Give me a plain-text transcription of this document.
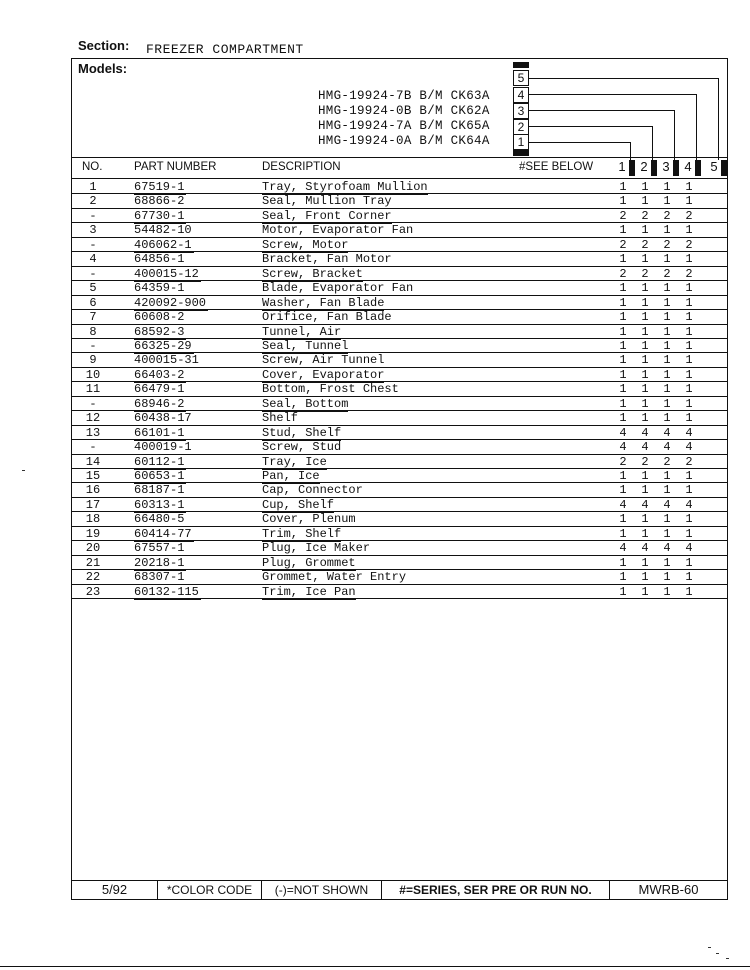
Section: FREEZER COMPARTMENT
Models:
HMG-19924-7B B/M CK63A
HMG-19924-0B B/M CK62A
HMG-19924-7A B/M CK65A
HMG-19924-0A B/M CK64A
5
4
3
2
1
NO.	PART NUMBER	DESCRIPTION	#SEE BELOW 1 2 3 4 5
1	67519-1	Tray, Styrofoam Mullion	1 1 1 1
2	68866-2	Seal, Mullion Tray	1 1 1 1
-	67730-1	Seal, Front Corner	2 2 2 2
3	54482-10	Motor, Evaporator Fan	1 1 1 1
-	406062-1	Screw, Motor	2 2 2 2
4	64856-1	Bracket, Fan Motor	1 1 1 1
-	400015-12	Screw, Bracket	2 2 2 2
5	64359-1	Blade, Evaporator Fan	1 1 1 1
6	420092-900	Washer, Fan Blade	1 1 1 1
7	60608-2	Orifice, Fan Blade	1 1 1 1
8	68592-3	Tunnel, Air	1 1 1 1
-	66325-29	Seal, Tunnel	1 1 1 1
9	400015-31	Screw, Air Tunnel	1 1 1 1
10	66403-2	Cover, Evaporator	1 1 1 1
11	66479-1	Bottom, Frost Chest	1 1 1 1
-	68946-2	Seal, Bottom	1 1 1 1
12	60438-17	Shelf	1 1 1 1
13	66101-1	Stud, Shelf	4 4 4 4
-	400019-1	Screw, Stud	4 4 4 4
14	60112-1	Tray, Ice	2 2 2 2
15	60653-1	Pan, Ice	1 1 1 1
16	68187-1	Cap, Connector	1 1 1 1
17	60313-1	Cup, Shelf	4 4 4 4
18	66480-5	Cover, Plenum	1 1 1 1
19	60414-77	Trim, Shelf	1 1 1 1
20	67557-1	Plug, Ice Maker	4 4 4 4
21	20218-1	Plug, Grommet	1 1 1 1
22	68307-1	Grommet, Water Entry	1 1 1 1
23	60132-115	Trim, Ice Pan	1 1 1 1
5/92	*COLOR CODE	(-)=NOT SHOWN	#=SERIES, SER PRE OR RUN NO.	MWRB-60
